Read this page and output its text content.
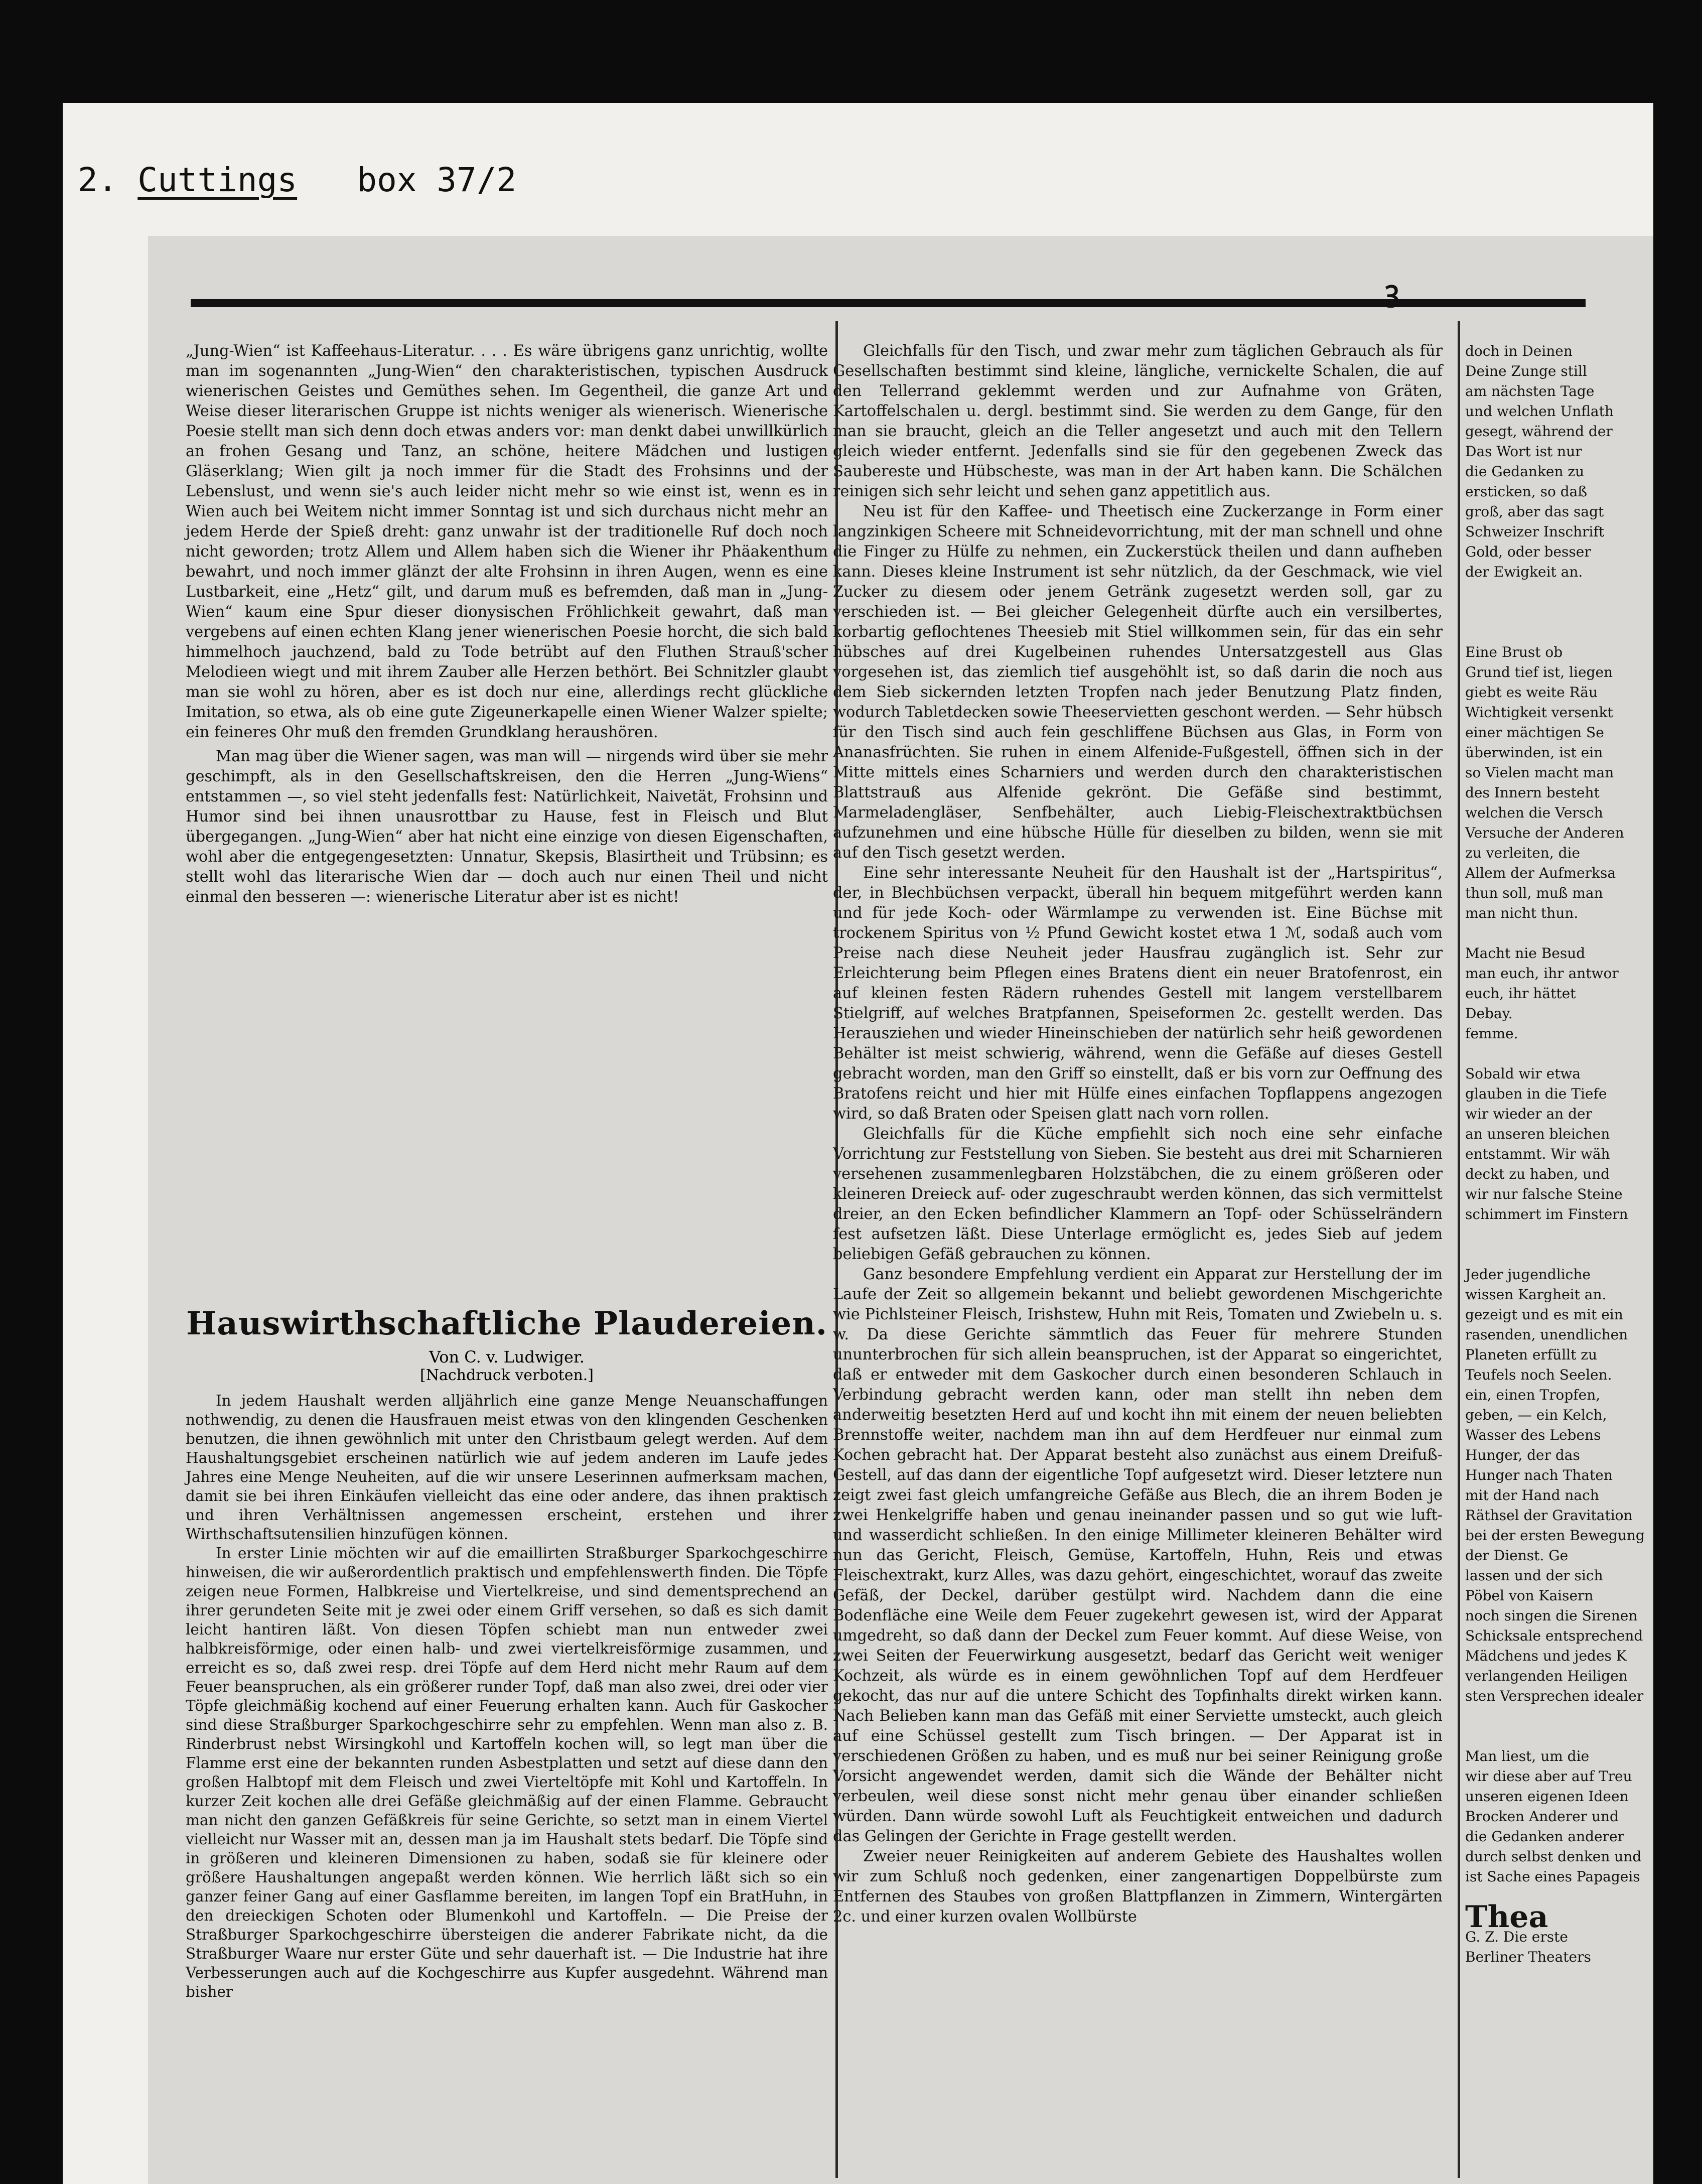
2. Cuttings box 37/2
ꝫ

„Jung-Wien“ ist Kaffeehaus-Literatur. . . . Es wäre übrigens ganz unrichtig, wollte man im sogenannten „Jung-Wien“ den charakteristischen, typischen Ausdruck wienerischen Geistes und Gemüthes sehen. Im Gegentheil, die ganze Art und Weise dieser literarischen Gruppe ist nichts weniger als wienerisch. Wienerische Poesie stellt man sich denn doch etwas anders vor: man denkt dabei unwillkürlich an frohen Gesang und Tanz, an schöne, heitere Mädchen und lustigen Gläserklang; Wien gilt ja noch immer für die Stadt des Frohsinns und der Lebenslust, und wenn sie's auch leider nicht mehr so wie einst ist, wenn es in Wien auch bei Weitem nicht immer Sonntag ist und sich durchaus nicht mehr an jedem Herde der Spieß dreht: ganz unwahr ist der traditionelle Ruf doch noch nicht geworden; trotz Allem und Allem haben sich die Wiener ihr Phäakenthum bewahrt, und noch immer glänzt der alte Frohsinn in ihren Augen, wenn es eine Lustbarkeit, eine „Hetz“ gilt, und darum muß es befremden, daß man in „Jung-Wien“ kaum eine Spur dieser dionysischen Fröhlichkeit gewahrt, daß man vergebens auf einen echten Klang jener wienerischen Poesie horcht, die sich bald himmelhoch jauchzend, bald zu Tode betrübt auf den Fluthen Strauß'scher Melodieen wiegt und mit ihrem Zauber alle Herzen bethört. Bei Schnitzler glaubt man sie wohl zu hören, aber es ist doch nur eine, allerdings recht glückliche Imitation, so etwa, als ob eine gute Zigeunerkapelle einen Wiener Walzer spielte; ein feineres Ohr muß den fremden Grundklang heraushören.

Man mag über die Wiener sagen, was man will — nirgends wird über sie mehr geschimpft, als in den Gesellschaftskreisen, den die Herren „Jung-Wiens“ entstammen —, so viel steht jedenfalls fest: Natürlichkeit, Naivetät, Frohsinn und Humor sind bei ihnen unausrottbar zu Hause, fest in Fleisch und Blut übergegangen. „Jung-Wien“ aber hat nicht eine einzige von diesen Eigenschaften, wohl aber die entgegengesetzten: Unnatur, Skepsis, Blasirtheit und Trübsinn; es stellt wohl das literarische Wien dar — doch auch nur einen Theil und nicht einmal den besseren —: wienerische Literatur aber ist es nicht!

Hauswirthschaftliche Plaudereien.
Von C. v. Ludwiger.
[Nachdruck verboten.]

In jedem Haushalt werden alljährlich eine ganze Menge Neuanschaffungen nothwendig, zu denen die Hausfrauen meist etwas von den klingenden Geschenken benutzen, die ihnen gewöhnlich mit unter den Christbaum gelegt werden. Auf dem Haushaltungsgebiet erscheinen natürlich wie auf jedem anderen im Laufe jedes Jahres eine Menge Neuheiten, auf die wir unsere Leserinnen aufmerksam machen, damit sie bei ihren Einkäufen vielleicht das eine oder andere, das ihnen praktisch und ihren Verhältnissen angemessen erscheint, erstehen und ihrer Wirthschaftsutensilien hinzufügen können.

In erster Linie möchten wir auf die emaillirten Straßburger Sparkochgeschirre hinweisen, die wir außerordentlich praktisch und empfehlenswerth finden. Die Töpfe zeigen neue Formen, Halbkreise und Viertelkreise, und sind dementsprechend an ihrer gerundeten Seite mit je zwei oder einem Griff versehen, so daß es sich damit leicht hantiren läßt. Von diesen Töpfen schiebt man nun entweder zwei halbkreisförmige, oder einen halb- und zwei viertelkreisförmige zusammen, und erreicht es so, daß zwei resp. drei Töpfe auf dem Herd nicht mehr Raum auf dem Feuer beanspruchen, als ein größerer runder Topf, daß man also zwei, drei oder vier Töpfe gleichmäßig kochend auf einer Feuerung erhalten kann. Auch für Gaskocher sind diese Straßburger Sparkochgeschirre sehr zu empfehlen. Wenn man also z. B. Rinderbrust nebst Wirsingkohl und Kartoffeln kochen will, so legt man über die Flamme erst eine der bekannten runden Asbestplatten und setzt auf diese dann den großen Halbtopf mit dem Fleisch und zwei Vierteltöpfe mit Kohl und Kartoffeln. In kurzer Zeit kochen alle drei Gefäße gleichmäßig auf der einen Flamme. Gebraucht man nicht den ganzen Gefäßkreis für seine Gerichte, so setzt man in einem Viertel vielleicht nur Wasser mit an, dessen man ja im Haushalt stets bedarf. Die Töpfe sind in größeren und kleineren Dimensionen zu haben, sodaß sie für kleinere oder größere Haushaltungen angepaßt werden können. Wie herrlich läßt sich so ein ganzer feiner Gang auf einer Gasflamme bereiten, im langen Topf ein BratHuhn, in den dreieckigen Schoten oder Blumenkohl und Kartoffeln. — Die Preise der Straßburger Sparkochgeschirre übersteigen die anderer Fabrikate nicht, da die Straßburger Waare nur erster Güte und sehr dauerhaft ist. — Die Industrie hat ihre Verbesserungen auch auf die Kochgeschirre aus Kupfer ausgedehnt. Während man bisher

Gleichfalls für den Tisch, und zwar mehr zum täglichen Gebrauch als für Gesellschaften bestimmt sind kleine, längliche, vernickelte Schalen, die auf den Tellerrand geklemmt werden und zur Aufnahme von Gräten, Kartoffelschalen u. dergl. bestimmt sind. Sie werden zu dem Gange, für den man sie braucht, gleich an die Teller angesetzt und auch mit den Tellern gleich wieder entfernt. Jedenfalls sind sie für den gegebenen Zweck das Saubereste und Hübscheste, was man in der Art haben kann. Die Schälchen reinigen sich sehr leicht und sehen ganz appetitlich aus.

Neu ist für den Kaffee- und Theetisch eine Zuckerzange in Form einer langzinkigen Scheere mit Schneidevorrichtung, mit der man schnell und ohne die Finger zu Hülfe zu nehmen, ein Zuckerstück theilen und dann aufheben kann. Dieses kleine Instrument ist sehr nützlich, da der Geschmack, wie viel Zucker zu diesem oder jenem Getränk zugesetzt werden soll, gar zu verschieden ist. — Bei gleicher Gelegenheit dürfte auch ein versilbertes, korbartig geflochtenes Theesieb mit Stiel willkommen sein, für das ein sehr hübsches auf drei Kugelbeinen ruhendes Untersatzgestell aus Glas vorgesehen ist, das ziemlich tief ausgehöhlt ist, so daß darin die noch aus dem Sieb sickernden letzten Tropfen nach jeder Benutzung Platz finden, wodurch Tabletdecken sowie Theeservietten geschont werden. — Sehr hübsch für den Tisch sind auch fein geschliffene Büchsen aus Glas, in Form von Ananasfrüchten. Sie ruhen in einem Alfenide-Fußgestell, öffnen sich in der Mitte mittels eines Scharniers und werden durch den charakteristischen Blattstrauß aus Alfenide gekrönt. Die Gefäße sind bestimmt, Marmeladengläser, Senfbehälter, auch Liebig-Fleischextraktbüchsen aufzunehmen und eine hübsche Hülle für dieselben zu bilden, wenn sie mit auf den Tisch gesetzt werden.

Eine sehr interessante Neuheit für den Haushalt ist der „Hartspiritus“, der, in Blechbüchsen verpackt, überall hin bequem mitgeführt werden kann und für jede Koch- oder Wärmlampe zu verwenden ist. Eine Büchse mit trockenem Spiritus von ½ Pfund Gewicht kostet etwa 1 ℳ, sodaß auch vom Preise nach diese Neuheit jeder Hausfrau zugänglich ist. Sehr zur Erleichterung beim Pflegen eines Bratens dient ein neuer Bratofenrost, ein auf kleinen festen Rädern ruhendes Gestell mit langem verstellbarem Stielgriff, auf welches Bratpfannen, Speiseformen 2c. gestellt werden. Das Herausziehen und wieder Hineinschieben der natürlich sehr heiß gewordenen Behälter ist meist schwierig, während, wenn die Gefäße auf dieses Gestell gebracht worden, man den Griff so einstellt, daß er bis vorn zur Oeffnung des Bratofens reicht und hier mit Hülfe eines einfachen Topflappens angezogen wird, so daß Braten oder Speisen glatt nach vorn rollen.

Gleichfalls für die Küche empfiehlt sich noch eine sehr einfache Vorrichtung zur Feststellung von Sieben. Sie besteht aus drei mit Scharnieren versehenen zusammenlegbaren Holzstäbchen, die zu einem größeren oder kleineren Dreieck auf- oder zugeschraubt werden können, das sich vermittelst dreier, an den Ecken befindlicher Klammern an Topf- oder Schüsselrändern fest aufsetzen läßt. Diese Unterlage ermöglicht es, jedes Sieb auf jedem beliebigen Gefäß gebrauchen zu können.

Ganz besondere Empfehlung verdient ein Apparat zur Herstellung der im Laufe der Zeit so allgemein bekannt und beliebt gewordenen Mischgerichte wie Pichlsteiner Fleisch, Irishstew, Huhn mit Reis, Tomaten und Zwiebeln u. s. w. Da diese Gerichte sämmtlich das Feuer für mehrere Stunden ununterbrochen für sich allein beanspruchen, ist der Apparat so eingerichtet, daß er entweder mit dem Gaskocher durch einen besonderen Schlauch in Verbindung gebracht werden kann, oder man stellt ihn neben dem anderweitig besetzten Herd auf und kocht ihn mit einem der neuen beliebten Brennstoffe weiter, nachdem man ihn auf dem Herdfeuer nur einmal zum Kochen gebracht hat. Der Apparat besteht also zunächst aus einem Dreifuß-Gestell, auf das dann der eigentliche Topf aufgesetzt wird. Dieser letztere nun zeigt zwei fast gleich umfangreiche Gefäße aus Blech, die an ihrem Boden je zwei Henkelgriffe haben und genau ineinander passen und so gut wie luft- und wasserdicht schließen. In den einige Millimeter kleineren Behälter wird nun das Gericht, Fleisch, Gemüse, Kartoffeln, Huhn, Reis und etwas Fleischextrakt, kurz Alles, was dazu gehört, eingeschichtet, worauf das zweite Gefäß, der Deckel, darüber gestülpt wird. Nachdem dann die eine Bodenfläche eine Weile dem Feuer zugekehrt gewesen ist, wird der Apparat umgedreht, so daß dann der Deckel zum Feuer kommt. Auf diese Weise, von zwei Seiten der Feuerwirkung ausgesetzt, bedarf das Gericht weit weniger Kochzeit, als würde es in einem gewöhnlichen Topf auf dem Herdfeuer gekocht, das nur auf die untere Schicht des Topfinhalts direkt wirken kann. Nach Belieben kann man das Gefäß mit einer Serviette umsteckt, auch gleich auf eine Schüssel gestellt zum Tisch bringen. — Der Apparat ist in verschiedenen Größen zu haben, und es muß nur bei seiner Reinigung große Vorsicht angewendet werden, damit sich die Wände der Behälter nicht verbeulen, weil diese sonst nicht mehr genau über einander schließen würden. Dann würde sowohl Luft als Feuchtigkeit entweichen und dadurch das Gelingen der Gerichte in Frage gestellt werden.

Zweier neuer Reinigkeiten auf anderem Gebiete des Haushaltes wollen wir zum Schluß noch gedenken, einer zangenartigen Doppelbürste zum Entfernen des Staubes von großen Blattpflanzen in Zimmern, Wintergärten 2c. und einer kurzen ovalen Wollbürste

doch in Deinen
Deine Zunge still
am nächsten Tage
und welchen Unflath
gesegt, während der
Das Wort ist nur
die Gedanken zu
ersticken, so daß
groß, aber das sagt
Schweizer Inschrift
Gold, oder besser
der Ewigkeit an.

Eine Brust ob
Grund tief ist, liegen
giebt es weite Räu
Wichtigkeit versenkt
einer mächtigen Se
überwinden, ist ein
so Vielen macht man
des Innern besteht
welchen die Versch
Versuche der Anderen
zu verleiten, die
Allem der Aufmerksa
thun soll, muß man
man nicht thun.

Macht nie Besud
man euch, ihr antwor
euch, ihr hättet
Debay.
femme.

Sobald wir etwa
glauben in die Tiefe
wir wieder an der
an unseren bleichen
entstammt. Wir wäh
deckt zu haben, und
wir nur falsche Steine
schimmert im Finstern

Jeder jugendliche
wissen Kargheit an.
gezeigt und es mit ein
rasenden, unendlichen
Planeten erfüllt zu
Teufels noch Seelen.
ein, einen Tropfen,
geben, — ein Kelch,
Wasser des Lebens
Hunger, der das
Hunger nach Thaten
mit der Hand nach
Räthsel der Gravitation
bei der ersten Bewegung
der Dienst. Ge
lassen und der sich
Pöbel von Kaisern
noch singen die Sirenen
Schicksale entsprechend
Mädchens und jedes K
verlangenden Heiligen
sten Versprechen idealer

Man liest, um die
wir diese aber auf Treu
unseren eigenen Ideen
Brocken Anderer und
die Gedanken anderer
durch selbst denken und
ist Sache eines Papageis
Thea
G. Z. Die erste
Berliner Theaters
